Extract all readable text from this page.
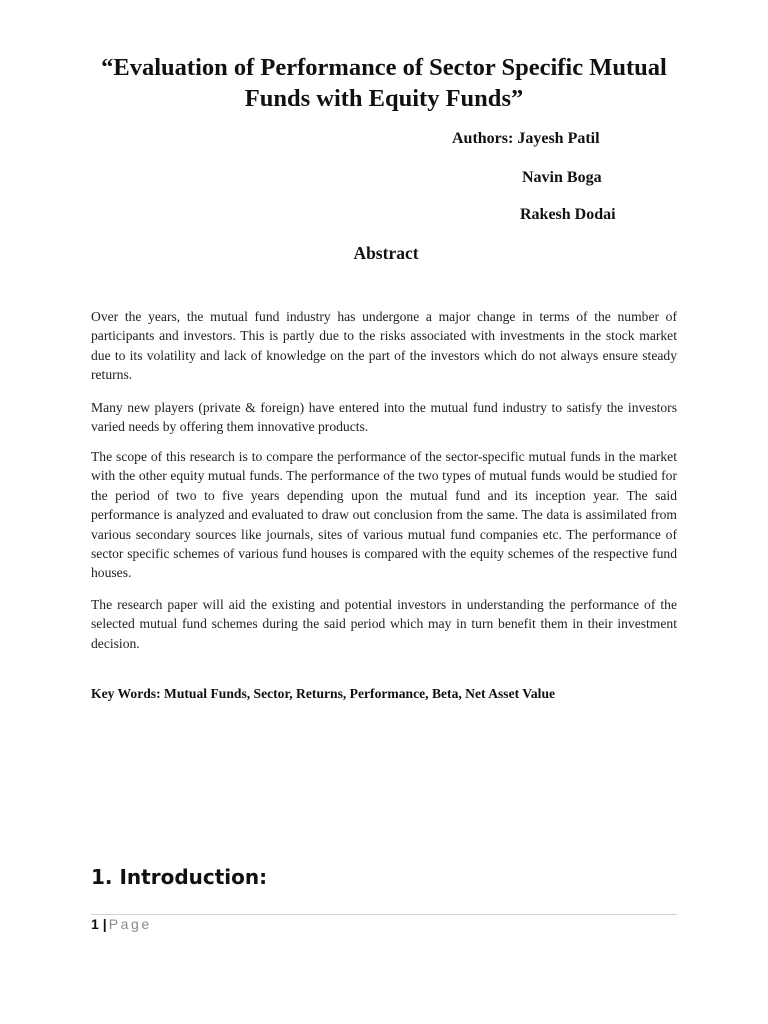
“Evaluation of Performance of Sector Specific Mutual
Funds with Equity Funds”
Authors: Jayesh Patil
Navin Boga
Rakesh Dodai
Abstract

Over the years, the mutual fund industry has undergone a major change in terms of the number of participants and investors. This is partly due to the risks associated with investments in the stock market due to its volatility and lack of knowledge on the part of the investors which do not always ensure steady returns.

Many new players (private & foreign) have entered into the mutual fund industry to satisfy the investors varied needs by offering them innovative products.

The scope of this research is to compare the performance of the sector-specific mutual funds in the market with the other equity mutual funds. The performance of the two types of mutual funds would be studied for the period of two to five years depending upon the mutual fund and its inception year. The said performance is analyzed and evaluated to draw out conclusion from the same. The data is assimilated from various secondary sources like journals, sites of various mutual fund companies etc. The performance of sector specific schemes of various fund houses is compared with the equity schemes of the respective fund houses.

The research paper will aid the existing and potential investors in understanding the performance of the selected mutual fund schemes during the said period which may in turn benefit them in their investment decision.

Key Words: Mutual Funds, Sector, Returns, Performance, Beta, Net Asset Value
1. Introduction:
1 | Page
